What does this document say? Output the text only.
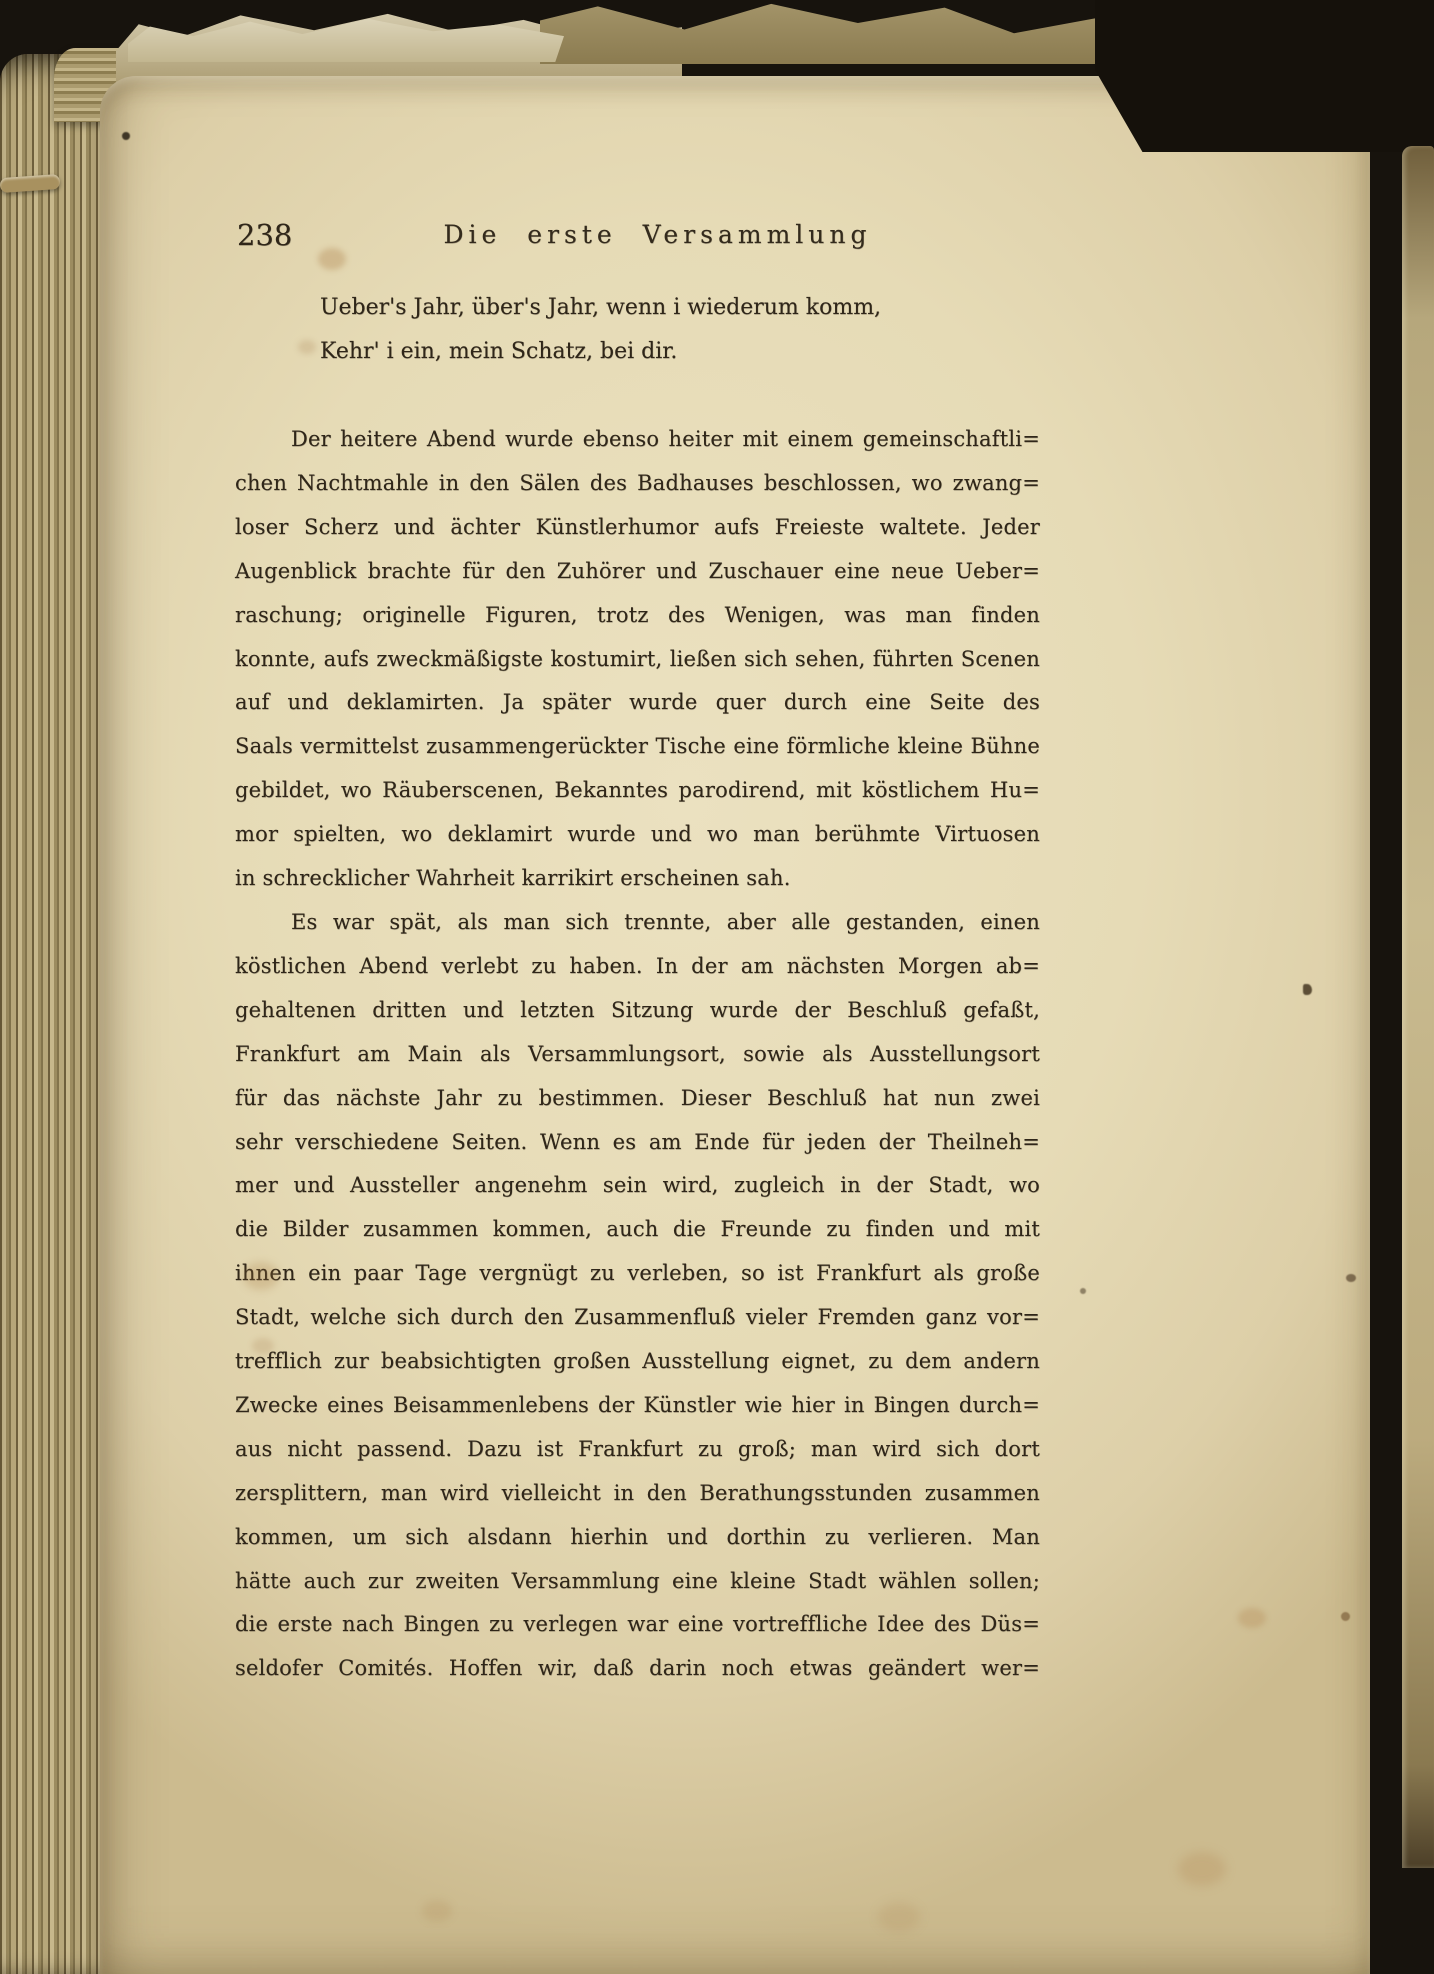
238	Die erste Versammlung
Ueber's Jahr, über's Jahr, wenn i wiederum komm,
Kehr' i ein, mein Schatz, bei dir.
Der heitere Abend wurde ebenso heiter mit einem gemeinschaftli=
chen Nachtmahle in den Sälen des Badhauses beschlossen, wo zwang=
loser Scherz und ächter Künstlerhumor aufs Freieste waltete. Jeder
Augenblick brachte für den Zuhörer und Zuschauer eine neue Ueber=
raschung; originelle Figuren, trotz des Wenigen, was man finden
konnte, aufs zweckmäßigste kostumirt, ließen sich sehen, führten Scenen
auf und deklamirten. Ja später wurde quer durch eine Seite des
Saals vermittelst zusammengerückter Tische eine förmliche kleine Bühne
gebildet, wo Räuberscenen, Bekanntes parodirend, mit köstlichem Hu=
mor spielten, wo deklamirt wurde und wo man berühmte Virtuosen
in schrecklicher Wahrheit karrikirt erscheinen sah.
Es war spät, als man sich trennte, aber alle gestanden, einen
köstlichen Abend verlebt zu haben. In der am nächsten Morgen ab=
gehaltenen dritten und letzten Sitzung wurde der Beschluß gefaßt,
Frankfurt am Main als Versammlungsort, sowie als Ausstellungsort
für das nächste Jahr zu bestimmen. Dieser Beschluß hat nun zwei
sehr verschiedene Seiten. Wenn es am Ende für jeden der Theilneh=
mer und Aussteller angenehm sein wird, zugleich in der Stadt, wo
die Bilder zusammen kommen, auch die Freunde zu finden und mit
ihnen ein paar Tage vergnügt zu verleben, so ist Frankfurt als große
Stadt, welche sich durch den Zusammenfluß vieler Fremden ganz vor=
trefflich zur beabsichtigten großen Ausstellung eignet, zu dem andern
Zwecke eines Beisammenlebens der Künstler wie hier in Bingen durch=
aus nicht passend. Dazu ist Frankfurt zu groß; man wird sich dort
zersplittern, man wird vielleicht in den Berathungsstunden zusammen
kommen, um sich alsdann hierhin und dorthin zu verlieren. Man
hätte auch zur zweiten Versammlung eine kleine Stadt wählen sollen;
die erste nach Bingen zu verlegen war eine vortreffliche Idee des Düs=
seldofer Comités. Hoffen wir, daß darin noch etwas geändert wer=
